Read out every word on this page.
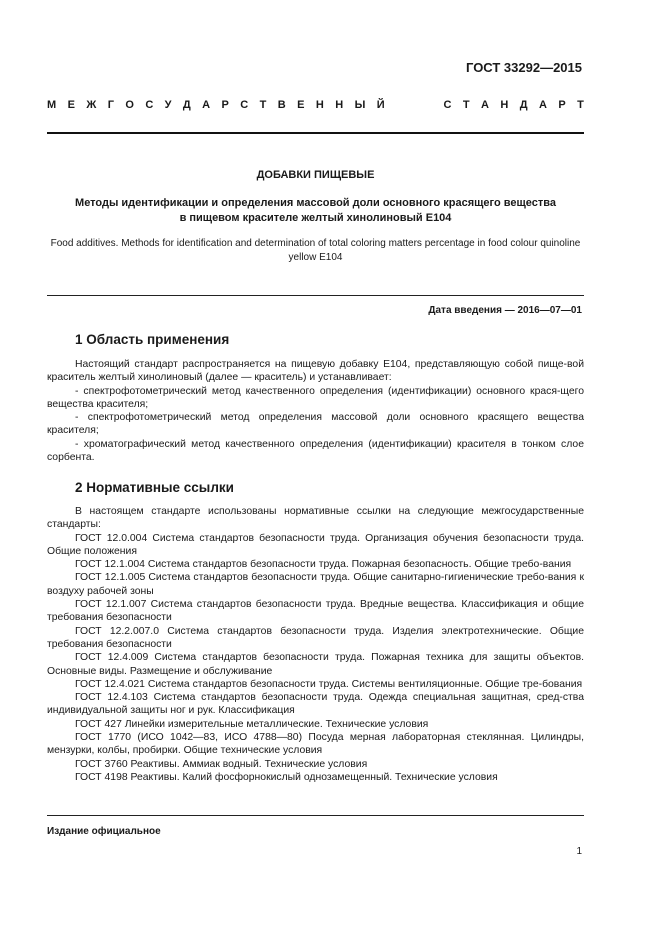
ГОСТ 33292—2015
М Е Ж Г О С У Д А Р С Т В Е Н Н Ы Й	С Т А Н Д А Р Т
ДОБАВКИ ПИЩЕВЫЕ
Методы идентификации и определения массовой доли основного красящего вещества
в пищевом красителе желтый хинолиновый Е104
Food additives. Methods for identification and determination of total coloring matters percentage in food colour quinoline yellow E104
Дата введения — 2016—07—01
1 Область применения

Настоящий стандарт распространяется на пищевую добавку Е104, представляющую собой пище-вой краситель желтый хинолиновый (далее — краситель) и устанавливает:

- спектрофотометрический метод качественного определения (идентификации) основного крася-щего вещества красителя;

- спектрофотометрический метод определения массовой доли основного красящего вещества красителя;

- хроматографический метод качественного определения (идентификации) красителя в тонком слое сорбента.

2 Нормативные ссылки

В настоящем стандарте использованы нормативные ссылки на следующие межгосударственные стандарты:

ГОСТ 12.0.004 Система стандартов безопасности труда. Организация обучения безопасности труда. Общие положения

ГОСТ 12.1.004 Система стандартов безопасности труда. Пожарная безопасность. Общие требо-вания

ГОСТ 12.1.005 Система стандартов безопасности труда. Общие санитарно-гигиенические требо-вания к воздуху рабочей зоны

ГОСТ 12.1.007 Система стандартов безопасности труда. Вредные вещества. Классификация и общие требования безопасности

ГОСТ 12.2.007.0 Система стандартов безопасности труда. Изделия электротехнические. Общие требования безопасности

ГОСТ 12.4.009 Система стандартов безопасности труда. Пожарная техника для защиты объектов. Основные виды. Размещение и обслуживание

ГОСТ 12.4.021 Система стандартов безопасности труда. Системы вентиляционные. Общие тре-бования

ГОСТ 12.4.103 Система стандартов безопасности труда. Одежда специальная защитная, сред-ства индивидуальной защиты ног и рук. Классификация

ГОСТ 427 Линейки измерительные металлические. Технические условия

ГОСТ 1770 (ИСО 1042—83, ИСО 4788—80) Посуда мерная лабораторная стеклянная. Цилиндры, мензурки, колбы, пробирки. Общие технические условия

ГОСТ 3760 Реактивы. Аммиак водный. Технические условия

ГОСТ 4198 Реактивы. Калий фосфорнокислый однозамещенный. Технические условия

Издание официальное
1
